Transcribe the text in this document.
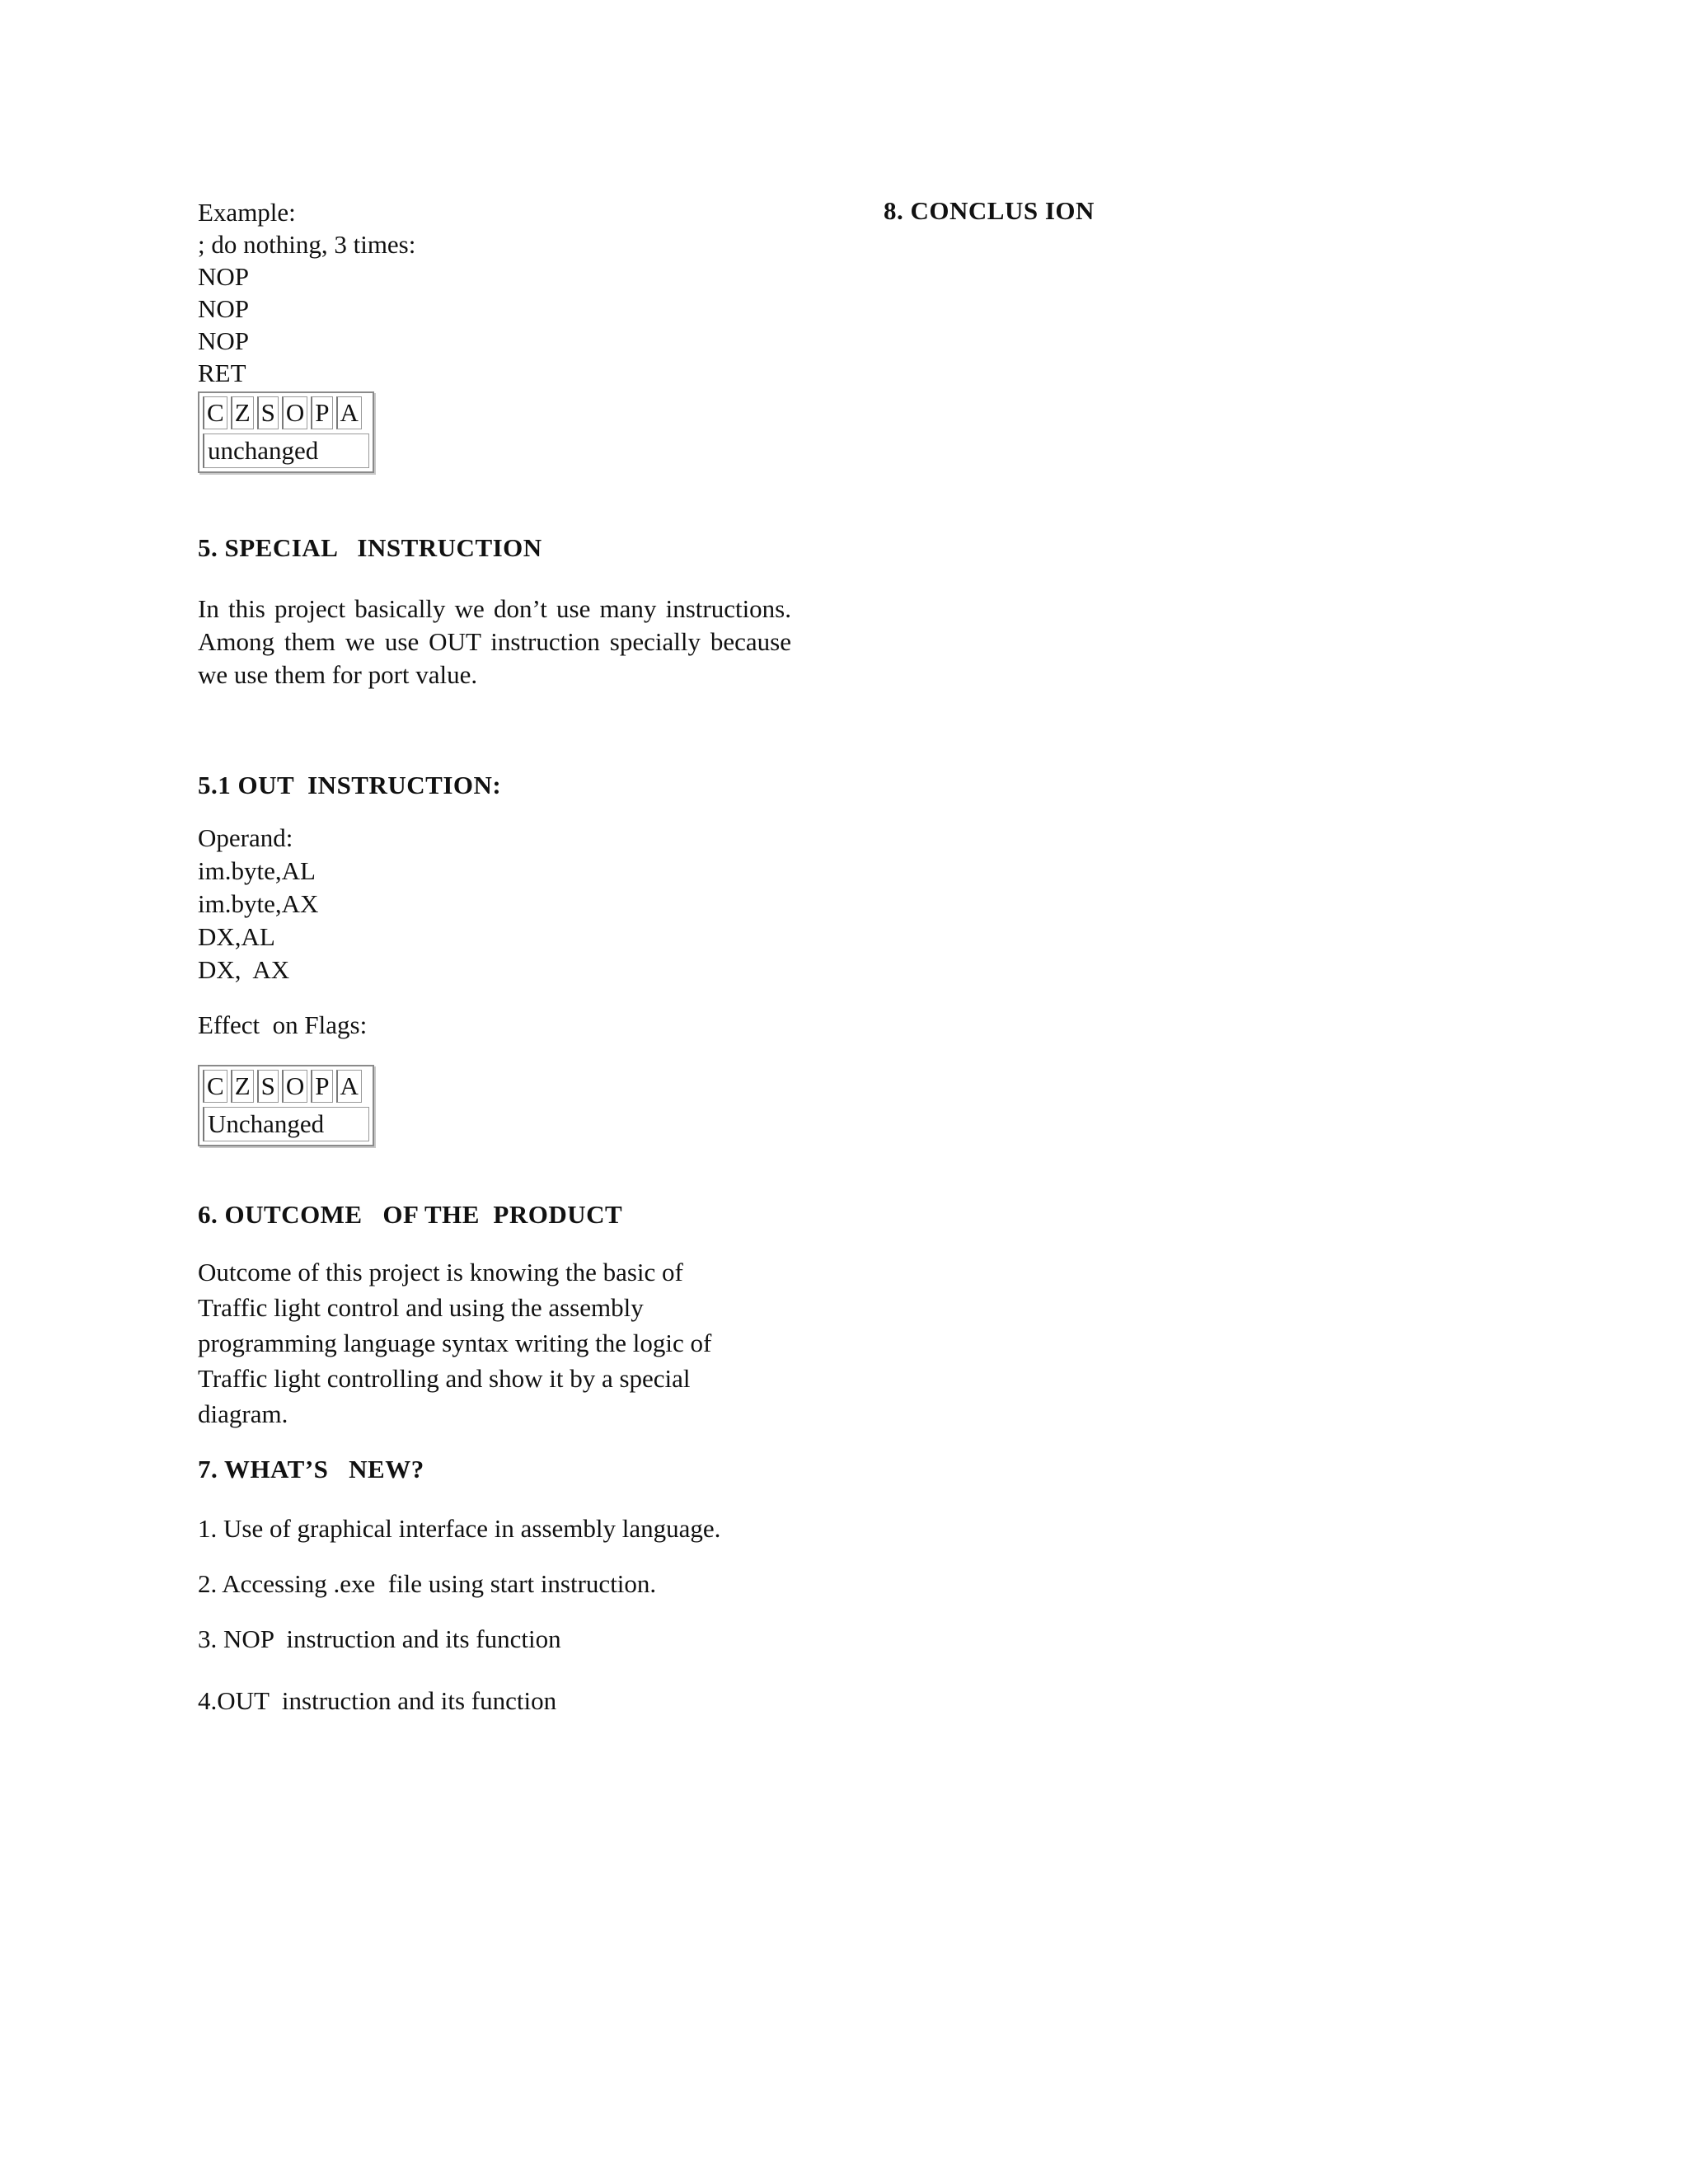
Example:

; do nothing, 3 times:

NOP

NOP

NOP

RET

C Z S O P A
unchanged

5. SPECIAL   INSTRUCTION

In this project basically we don’t use many instructions. Among them we use OUT instruction specially because we use them for port value.

5.1 OUT  INSTRUCTION:

Operand:

im.byte,AL

im.byte,AX

DX,AL

DX,  AX

Effect  on Flags:

C Z S O P A
Unchanged

6. OUTCOME   OF THE  PRODUCT

Outcome of this project is knowing the basic of

Traffic light control and using the assembly

programming language syntax writing the logic of

Traffic light controlling and show it by a special

diagram.

7. WHAT’S   NEW?

1. Use of graphical interface in assembly language.

2. Accessing .exe  file using start instruction.

3. NOP  instruction and its function

4.OUT  instruction and its function

8. CONCLUS ION
